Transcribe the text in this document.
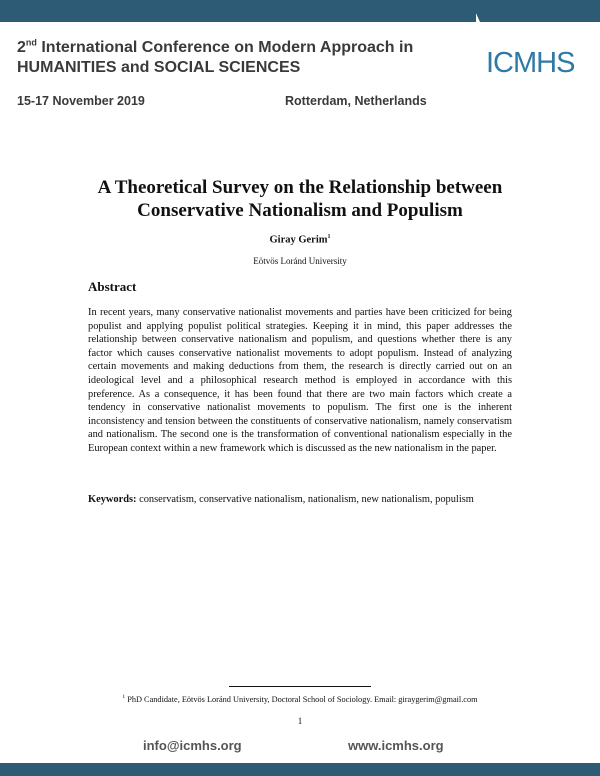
2nd International Conference on Modern Approach in
HUMANITIES and SOCIAL SCIENCES
15-17 November 2019	Rotterdam, Netherlands
ICMHS
A Theoretical Survey on the Relationship between Conservative Nationalism and Populism
Giray Gerim$^1$
Eötvös Loránd University
Abstract
In recent years, many conservative nationalist movements and parties have been criticized for being populist and applying populist political strategies. Keeping it in mind, this paper addresses the relationship between conservative nationalism and populism, and questions whether there is any factor which causes conservative nationalist movements to adopt populism. Instead of analyzing certain movements and making deductions from them, the research is directly carried out on an ideological level and a philosophical research method is employed in accordance with this preference. As a consequence, it has been found that there are two main factors which create a tendency in conservative nationalist movements to populism. The first one is the inherent inconsistency and tension between the constituents of conservative nationalism, namely conservatism and nationalism. The second one is the transformation of conventional nationalism especially in the European context within a new framework which is discussed as the new nationalism in the paper.
Keywords: conservatism, conservative nationalism, nationalism, new nationalism, populism
$^1$ PhD Candidate, Eötvös Loránd University, Doctoral School of Sociology. Email: giraygerim@gmail.com
1
info@icmhs.org	www.icmhs.org
